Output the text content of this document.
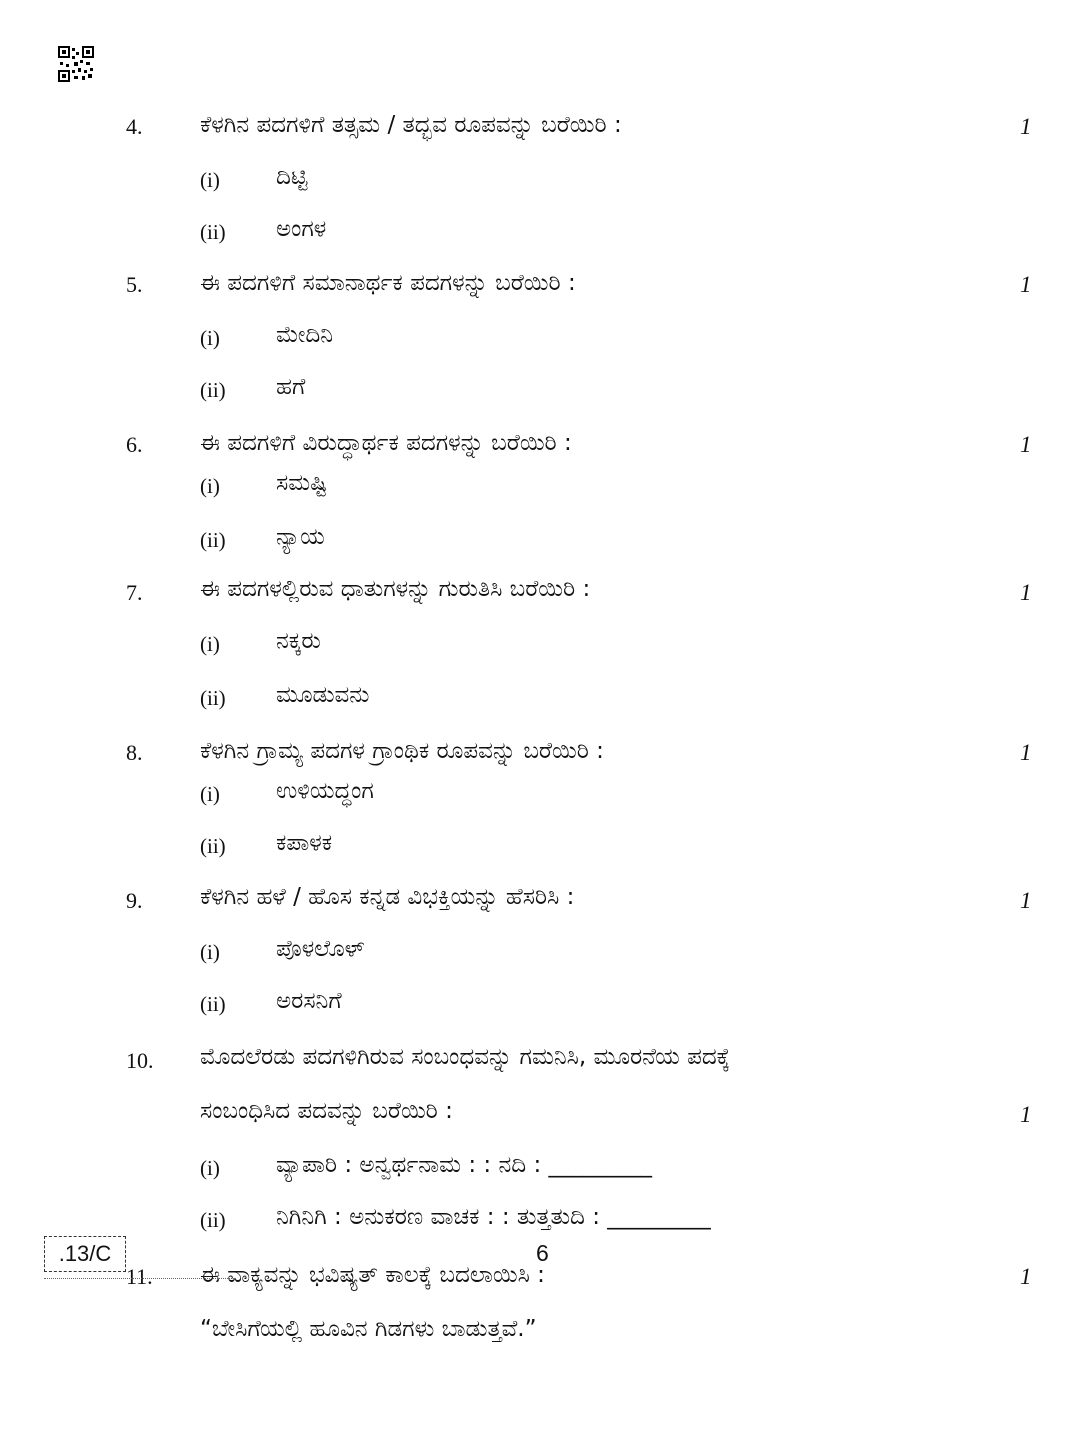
4.	ಕೆಳಗಿನ ಪದಗಳಿಗೆ ತತ್ಸಮ / ತದ್ಭವ ರೂಪವನ್ನು ಬರೆಯಿರಿ :	1
(i) ದಿಟ್ಟಿ
(ii) ಅಂಗಳ
5.	ಈ ಪದಗಳಿಗೆ ಸಮಾನಾರ್ಥಕ ಪದಗಳನ್ನು ಬರೆಯಿರಿ :	1
(i) ಮೇದಿನಿ
(ii) ಹಗೆ
6.	ಈ ಪದಗಳಿಗೆ ವಿರುದ್ಧಾರ್ಥಕ ಪದಗಳನ್ನು ಬರೆಯಿರಿ :	1
(i) ಸಮಷ್ಟಿ
(ii) ನ್ಯಾಯ
7.	ಈ ಪದಗಳಲ್ಲಿರುವ ಧಾತುಗಳನ್ನು ಗುರುತಿಸಿ ಬರೆಯಿರಿ :	1
(i) ನಕ್ಕರು
(ii) ಮೂಡುವನು
8.	ಕೆಳಗಿನ ಗ್ರಾಮ್ಯ ಪದಗಳ ಗ್ರಾಂಥಿಕ ರೂಪವನ್ನು ಬರೆಯಿರಿ :	1
(i) ಉಳಿಯದ್ಧಂಗ
(ii) ಕಪಾಳಕ
9.	ಕೆಳಗಿನ ಹಳೆ / ಹೊಸ ಕನ್ನಡ ವಿಭಕ್ತಿಯನ್ನು ಹೆಸರಿಸಿ :	1
(i) ಪೊಳಲೊಳ್
(ii) ಅರಸನಿಗೆ
10. ಮೊದಲೆರಡು ಪದಗಳಿಗಿರುವ ಸಂಬಂಧವನ್ನು ಗಮನಿಸಿ, ಮೂರನೆಯ ಪದಕ್ಕೆ
ಸಂಬಂಧಿಸಿದ ಪದವನ್ನು ಬರೆಯಿರಿ :	1
(i) ವ್ಯಾಪಾರಿ : ಅನ್ವರ್ಥನಾಮ : : ನದಿ : _________
(ii) ನಿಗಿನಿಗಿ : ಅನುಕರಣ ವಾಚಕ : : ತುತ್ತತುದಿ : _________
11. ಈ ವಾಕ್ಯವನ್ನು ಭವಿಷ್ಯತ್ ಕಾಲಕ್ಕೆ ಬದಲಾಯಿಸಿ :	1
“ಬೇಸಿಗೆಯಲ್ಲಿ ಹೂವಿನ ಗಿಡಗಳು ಬಾಡುತ್ತವೆ.”
.13/C	6
